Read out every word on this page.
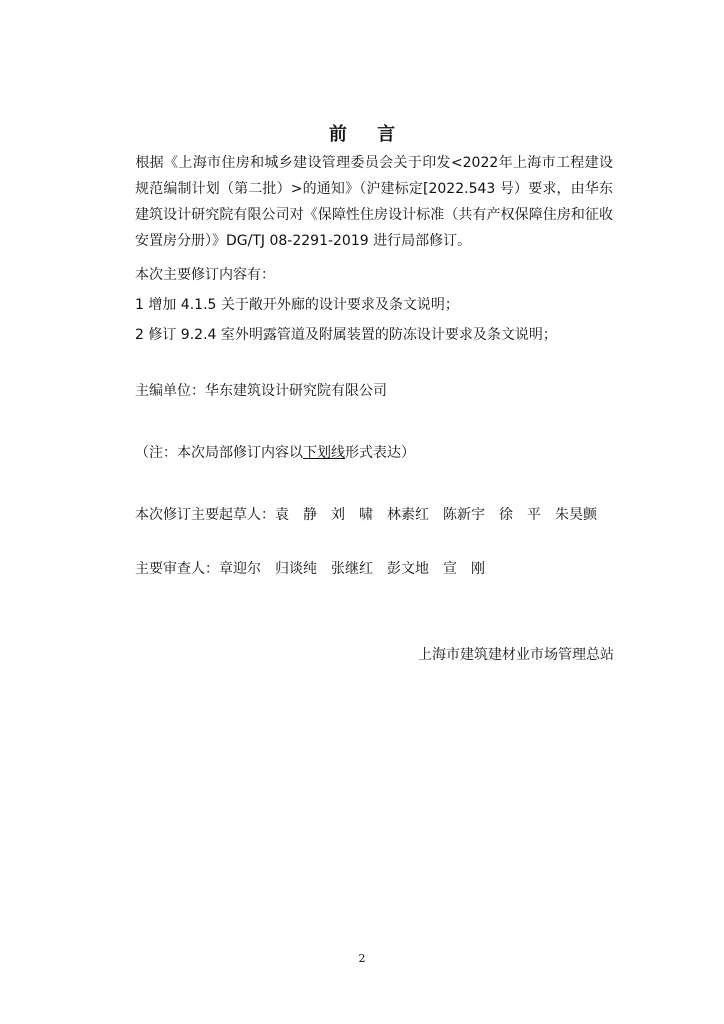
前 言
根据《上海市住房和城乡建设管理委员会关于印发<2022年上海市工程建设规范编制计划（第二批）>的通知》（沪建标定[2022.543 号）要求，由华东建筑设计研究院有限公司对《保障性住房设计标准（共有产权保障住房和征收安置房分册）》DG/TJ 08-2291-2019 进行局部修订。
本次主要修订内容有：
1 增加 4.1.5 关于敞开外廊的设计要求及条文说明；
2 修订 9.2.4 室外明露管道及附属装置的防冻设计要求及条文说明；
主编单位：华东建筑设计研究院有限公司
（注：本次局部修订内容以下划线形式表达）
本次修订主要起草人：袁　静 刘　啸 林素红 陈新宇 徐　平 朱昊颤
主要审查人：章迎尔 归谈纯 张继红 彭文地 宣　刚
上海市建筑建材业市场管理总站
2
